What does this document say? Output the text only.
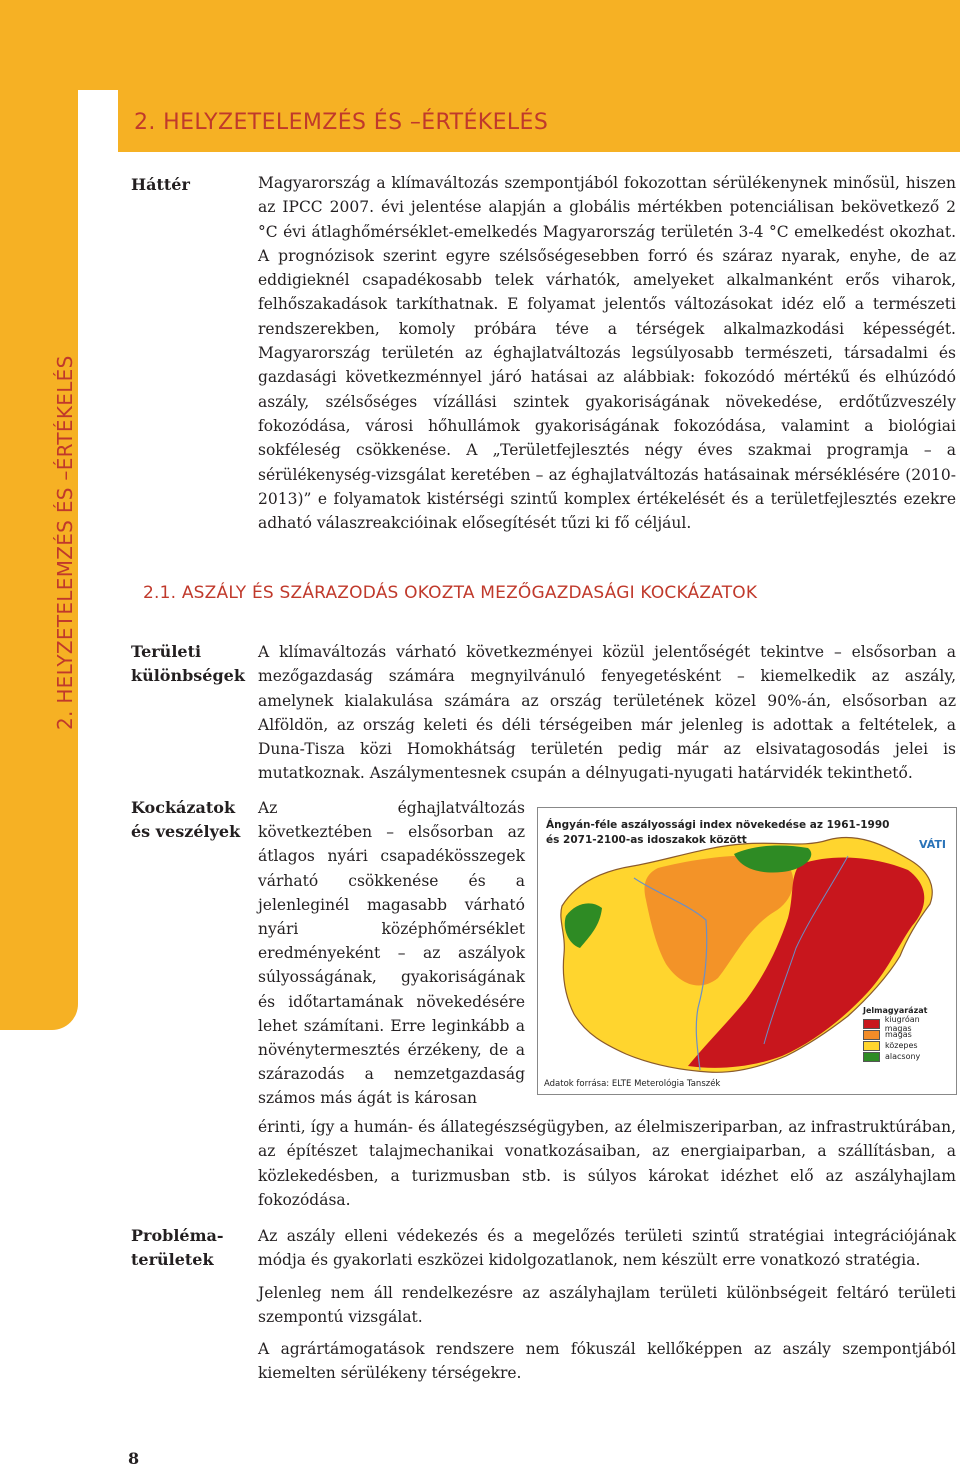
2. HELYZETELEMZÉS ÉS –ÉRTÉKELÉS
2. HELYZETELEMZÉS ÉS –ÉRTÉKELÉS
Háttér	Magyarország a klímaváltozás szempontjából fokozottan sérülékenynek minősül, hiszen az IPCC 2007. évi jelentése alapján a globális mértékben potenciálisan bekövetkező 2 °C évi átlaghőmérséklet-emelkedés Magyarország területén 3-4 °C emelkedést okozhat. A prognózisok szerint egyre szélsőségesebben forró és száraz nyarak, enyhe, de az eddigieknél csapadékosabb telek várhatók, amelyeket alkalmanként erős viharok, felhőszakadások tarkíthatnak. E folyamat jelentős változásokat idéz elő a természeti rendszerekben, komoly próbára téve a térségek alkalmazkodási képességét. Magyarország területén az éghajlatváltozás legsúlyosabb természeti, társadalmi és gazdasági következménnyel járó hatásai az alábbiak: fokozódó mértékű és elhúzódó aszály, szélsőséges vízállási szintek gyakoriságának növekedése, erdőtűzveszély fokozódása, városi hőhullámok gyakoriságának fokozódása, valamint a biológiai sokféleség csökkenése. A „Területfejlesztés négy éves szakmai programja – a sérülékenység-vizsgálat keretében – az éghajlatváltozás hatásainak mérséklésére (2010-2013)” e folyamatok kistérségi szintű komplex értékelését és a területfejlesztés ezekre adható válaszreakcióinak elősegítését tűzi ki fő céljául.

2.1. ASZÁLY ÉS SZÁRAZODÁS OKOZTA MEZŐGAZDASÁGI KOCKÁZATOK
Területi
különbségek

A klímaváltozás várható következményei közül jelentőségét tekintve – elsősorban a mezőgazdaság számára megnyilvánuló fenyegetésként – kiemelkedik az aszály, amelynek kialakulása számára az ország területének közel 90%-án, elsősorban az Alföldön, az ország keleti és déli térségeiben már jelenleg is adottak a feltételek, a Duna-Tisza közi Homokhátság területén pedig már az elsivatagosodás jelei is mutatkoznak. Aszálymentesnek csupán a délnyugati-nyugati határvidék tekinthető.

Kockázatok
és veszélyek

Az éghajlatváltozás következtében – elsősorban az átlagos nyári csapadékösszegek várható csökkenése és a jelenleginél magasabb várható nyári középhőmérséklet eredményeként – az aszályok súlyosságának, gyakoriságának és időtartamának növekedésére lehet számítani. Erre leginkább a növénytermesztés érzékeny, de a szárazodás a nemzetgazdaság számos más ágát is károsan

érinti, így a humán- és állategészségügyben, az élelmiszeriparban, az infrastruktúrában, az építészet talajmechanikai vonatkozásaiban, az energiaiparban, a szállításban, a közlekedésben, a turizmusban stb. is súlyos károkat idézhet elő az aszályhajlam fokozódása.

Ángyán-féle aszályossági index növekedése az 1961-1990
és 2071-2100-as idoszakok között	VÁTI
Jelmagyarázat
kiugróan magas
magas
közepes
alacsony
Adatok forrása: ELTE Meterológia Tanszék
Probléma-
területek

Az aszály elleni védekezés és a megelőzés területi szintű stratégiai integrációjának módja és gyakorlati eszközei kidolgozatlanok, nem készült erre vonatkozó stratégia.

Jelenleg nem áll rendelkezésre az aszályhajlam területi különbségeit feltáró területi szempontú vizsgálat.

A agrártámogatások rendszere nem fókuszál kellőképpen az aszály szempontjából kiemelten sérülékeny térségekre.

8
